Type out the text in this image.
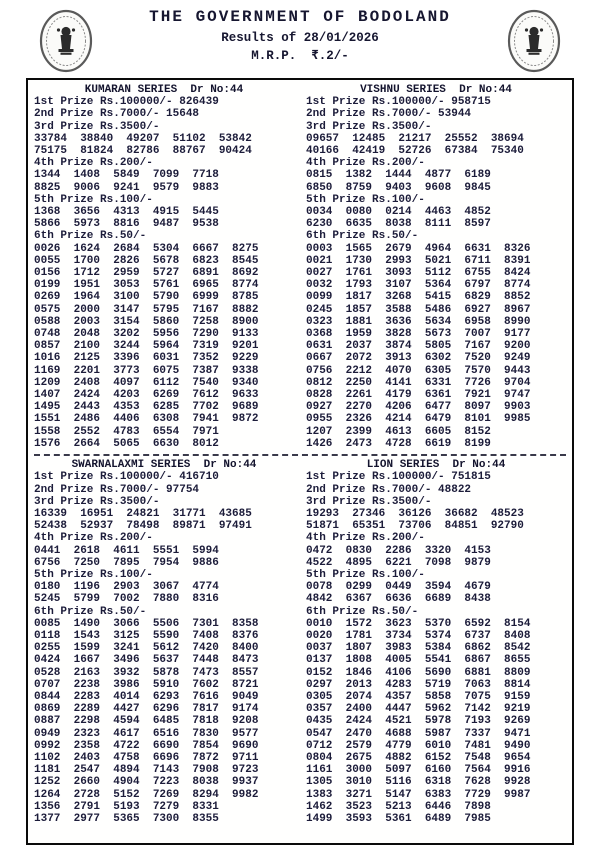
THE GOVERNMENT OF BODOLAND
Results of 28/01/2026
M.R.P.  ₹.2/-
KUMARAN SERIES  Dr No:44
1st Prize Rs.100000/- 826439
2nd Prize Rs.7000/- 15648
3rd Prize Rs.3500/-
33784  38840  49207  51102  53842
75175  81824  82786  88767  90424
4th Prize Rs.200/-
1344  1408  5849  7099  7718
8825  9006  9241  9579  9883
5th Prize Rs.100/-
1368  3656  4313  4915  5445
5866  5973  8816  9487  9538
6th Prize Rs.50/-
0026  1624  2684  5304  6667  8275
0055  1700  2826  5678  6823  8545
0156  1712  2959  5727  6891  8692
0199  1951  3053  5761  6965  8774
0269  1964  3100  5790  6999  8785
0575  2000  3147  5795  7167  8882
0588  2003  3154  5860  7258  8900
0748  2048  3202  5956  7290  9133
0857  2100  3244  5964  7319  9201
1016  2125  3396  6031  7352  9229
1169  2201  3773  6075  7387  9338
1209  2408  4097  6112  7540  9340
1407  2424  4203  6269  7612  9633
1495  2443  4353  6285  7702  9689
1551  2486  4406  6308  7941  9872
1558  2552  4783  6554  7971
1576  2664  5065  6630  8012
VISHNU SERIES  Dr No:44
1st Prize Rs.100000/- 958715
2nd Prize Rs.7000/- 53944
3rd Prize Rs.3500/-
09657  12485  21217  25552  38694
40166  42419  52726  67384  75340
4th Prize Rs.200/-
0815  1382  1444  4877  6189
6850  8759  9403  9608  9845
5th Prize Rs.100/-
0034  0080  0214  4463  4852
6230  6635  8038  8111  8597
6th Prize Rs.50/-
0003  1565  2679  4964  6631  8326
0021  1730  2993  5021  6711  8391
0027  1761  3093  5112  6755  8424
0032  1793  3107  5364  6797  8774
0099  1817  3268  5415  6829  8852
0245  1857  3588  5486  6927  8967
0323  1881  3636  5634  6958  8990
0368  1959  3828  5673  7007  9177
0631  2037  3874  5805  7167  9200
0667  2072  3913  6302  7520  9249
0756  2212  4070  6305  7570  9443
0812  2250  4141  6331  7726  9704
0828  2261  4179  6361  7921  9747
0927  2270  4206  6477  8097  9903
0955  2326  4214  6479  8101  9985
1207  2399  4613  6605  8152
1426  2473  4728  6619  8199
SWARNALAXMI SERIES  Dr No:44
1st Prize Rs.100000/- 416710
2nd Prize Rs.7000/- 97754
3rd Prize Rs.3500/-
16339  16951  24821  31771  43685
52438  52937  78498  89871  97491
4th Prize Rs.200/-
0441  2618  4611  5551  5994
6756  7250  7895  7954  9886
5th Prize Rs.100/-
0180  1196  2903  3067  4774
5245  5799  7002  7880  8316
6th Prize Rs.50/-
0085  1490  3066  5506  7301  8358
0118  1543  3125  5590  7408  8376
0255  1599  3241  5612  7420  8400
0424  1667  3496  5637  7448  8473
0528  2163  3932  5878  7473  8557
0707  2238  3986  5910  7602  8721
0844  2283  4014  6293  7616  9049
0869  2289  4427  6296  7817  9174
0887  2298  4594  6485  7818  9208
0949  2323  4617  6516  7830  9577
0992  2358  4722  6690  7854  9690
1102  2403  4758  6696  7872  9711
1181  2547  4894  7143  7908  9723
1252  2660  4904  7223  8038  9937
1264  2728  5152  7269  8294  9982
1356  2791  5193  7279  8331
1377  2977  5365  7300  8355
LION SERIES  Dr No:44
1st Prize Rs.100000/- 751815
2nd Prize Rs.7000/- 48822
3rd Prize Rs.3500/-
19293  27346  36126  36682  48523
51871  65351  73706  84851  92790
4th Prize Rs.200/-
0472  0830  2286  3320  4153
4522  4895  6221  7098  9879
5th Prize Rs.100/-
0078  0299  0449  3594  4679
4842  6367  6636  6689  8438
6th Prize Rs.50/-
0010  1572  3623  5370  6592  8154
0020  1781  3734  5374  6737  8408
0037  1807  3983  5384  6862  8542
0137  1808  4005  5541  6867  8655
0152  1846  4106  5690  6881  8809
0297  2013  4283  5719  7063  8814
0305  2074  4357  5858  7075  9159
0357  2400  4447  5962  7142  9219
0435  2424  4521  5978  7193  9269
0547  2470  4688  5987  7337  9471
0712  2579  4779  6010  7481  9490
0804  2675  4882  6152  7548  9654
1161  3000  5097  6160  7564  9916
1305  3010  5116  6318  7628  9928
1383  3271  5147  6383  7729  9987
1462  3523  5213  6446  7898
1499  3593  5361  6489  7985
